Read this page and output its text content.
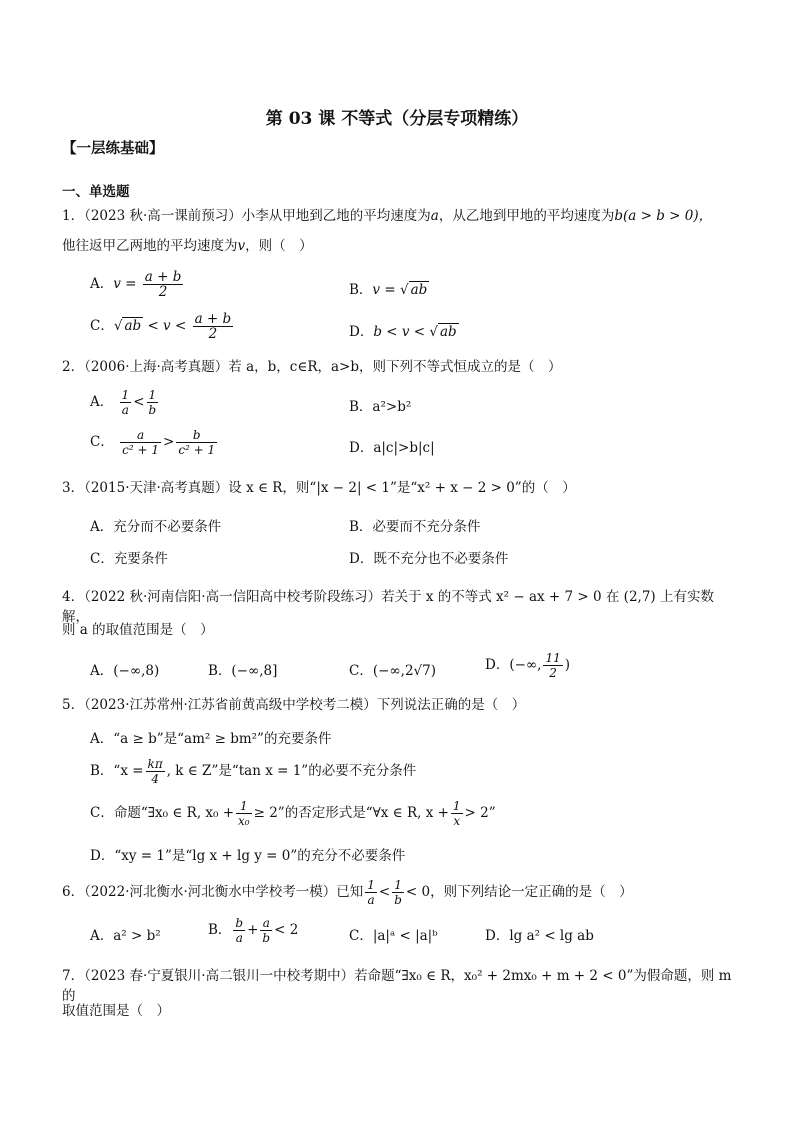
第 03 课 不等式（分层专项精练）
【一层练基础】
一、单选题
1．（2023 秋·高一课前预习）小李从甲地到乙地的平均速度为a，从乙地到甲地的平均速度为b(a > b > 0)，
他往返甲乙两地的平均速度为v，则（　）
A．$v = \frac{a + b}{2}$	B．v = √ ab
C．√ ab < $v < \frac{a + b}{2}$	D．b < v < √ ab
2．（2006·上海·高考真题）若 a，b，c∈R，a>b，则下列不等式恒成立的是（　）
A． $\frac{1}{a} < \frac{1}{b}$	B．a²>b²
C． $\frac{a}{\text{c² + 1}} > \frac{b}{\text{c² + 1}}$	D．a|c|>b|c|
3．（2015·天津·高考真题）设 x ∈ R，则“|x − 2| < 1”是“x² + x − 2 > 0”的（　）
A．充分而不必要条件	B．必要而不充分条件
C．充要条件	D．既不充分也不必要条件
4．（2022 秋·河南信阳·高一信阳高中校考阶段练习）若关于 x 的不等式 x² − ax + 7 > 0 在 (2,7) 上有实数解，
则 a 的取值范围是（　）
A．(−∞,8)	B．(−∞,8]	C．(−∞,2√7)	D．(−∞, $\frac{11}{2}$ )
5．（2023·江苏常州·江苏省前黄高级中学校考二模）下列说法正确的是（　）
A．“a ≥ b”是“am² ≥ bm²”的充要条件
B．“$x = \frac{k\pi}{4}$ , k ∈ Z”是“tan x = 1”的必要不充分条件
C．命题“∃x₀ ∈ R, $x_0 + \frac{1}{\text{x₀}} \ge 2$”的否定形式是“∀x ∈ R, $x + \frac{1}{x} > 2$”
D．“xy = 1”是“lg x + lg y = 0”的充分不必要条件
6．（2022·河北衡水·河北衡水中学校考一模）已知 $\frac{1}{a} < \frac{1}{b} < 0$，则下列结论一定正确的是（　）
A．a² > b²	B． $\frac{b}{a} + \frac{a}{b} < 2$	C．|a|ᵃ < |a|ᵇ	D．lg a² < lg ab
7．（2023 春·宁夏银川·高二银川一中校考期中）若命题“∃x₀ ∈ R，x₀² + 2mx₀ + m + 2 < 0”为假命题，则 m 的
取值范围是（　）
